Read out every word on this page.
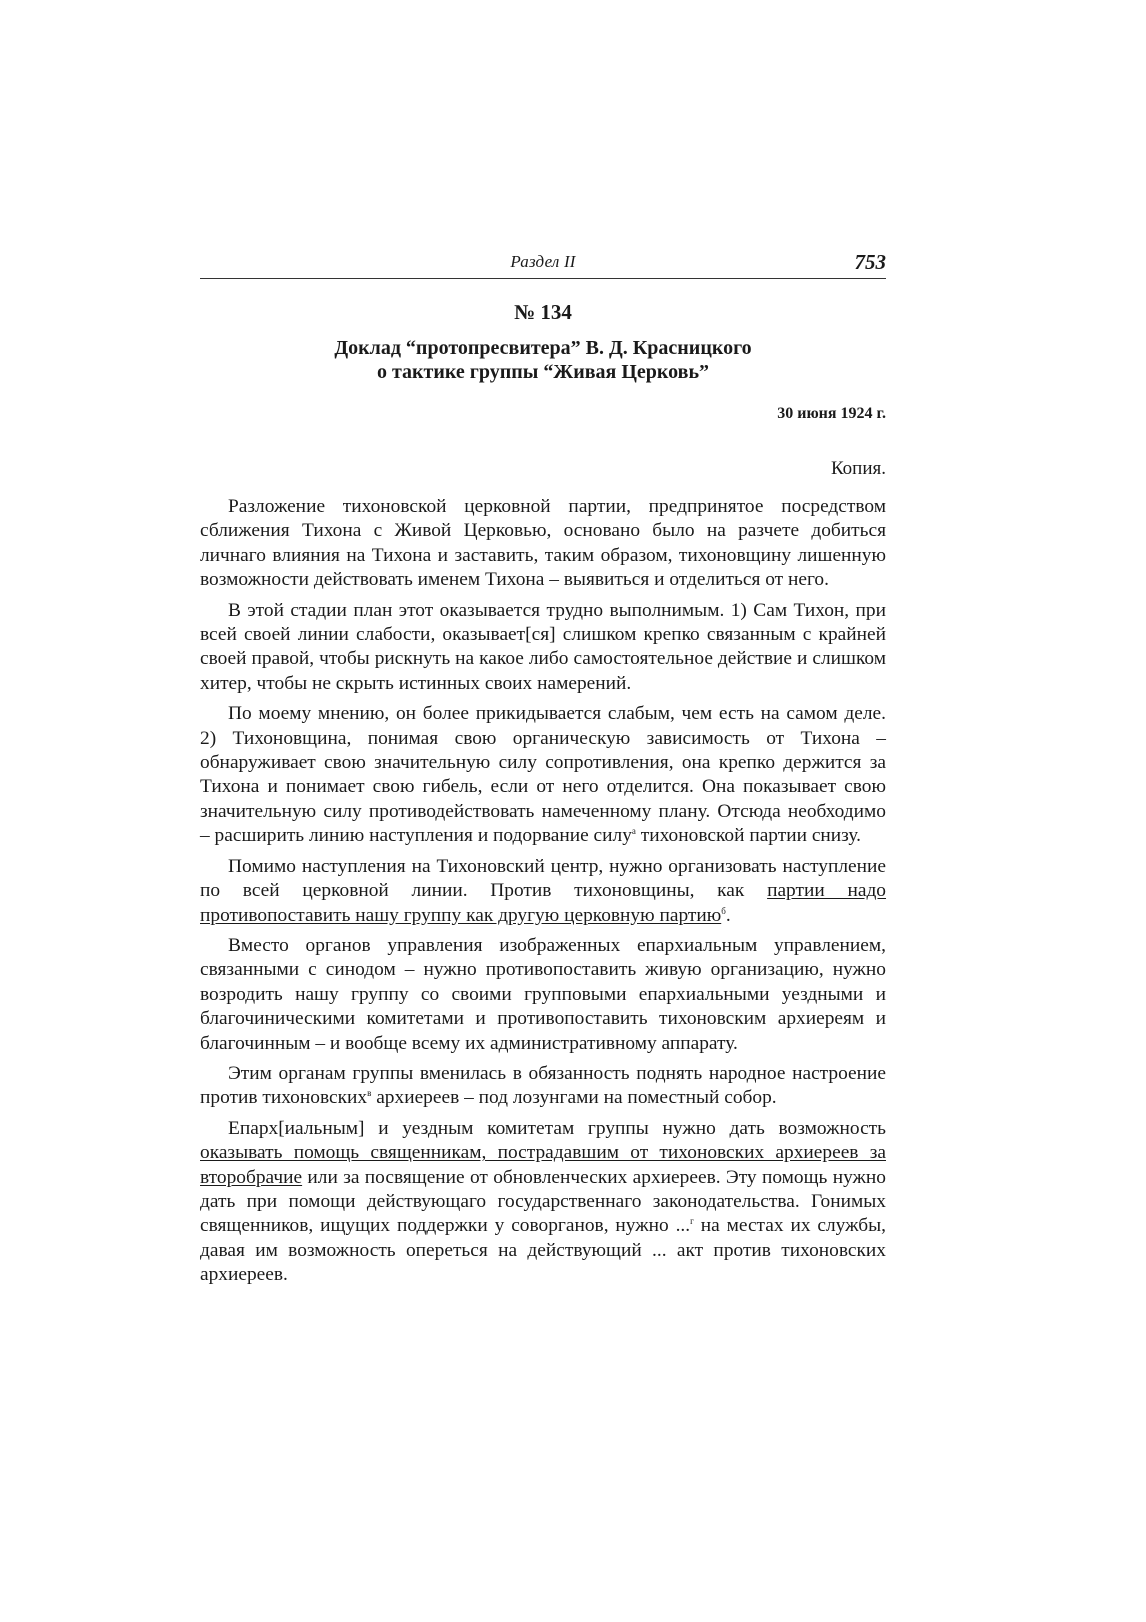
Раздел II	753
№ 134
Доклад “протопресвитера” В. Д. Красницкого
о тактике группы “Живая Церковь”
30 июня 1924 г.
Копия.

Разложение тихоновской церковной партии, предпринятое посредством сближения Тихона с Живой Церковью, основано было на разчете добиться личнаго влияния на Тихона и заставить, таким образом, тихоновщину лишенную возможности действовать именем Тихона – выявиться и отделиться от него.

В этой стадии план этот оказывается трудно выполнимым. 1) Сам Тихон, при всей своей линии слабости, оказывает[ся] слишком крепко связанным с крайней своей правой, чтобы рискнуть на какое либо самостоятельное действие и слишком хитер, чтобы не скрыть истинных своих намерений.

По моему мнению, он более прикидывается слабым, чем есть на самом деле. 2) Тихоновщина, понимая свою органическую зависимость от Тихона – обнаруживает свою значительную силу сопротивления, она крепко держится за Тихона и понимает свою гибель, если от него отделится. Она показывает свою значительную силу противодействовать намеченному плану. Отсюда необходимо – расширить линию наступления и подорвание силу$^а$ тихоновской партии снизу.

Помимо наступления на Тихоновский центр, нужно организовать наступление по всей церковной линии. Против тихоновщины, как партии надо противопоставить нашу группу как другую церковную партию$^б$.

Вместо органов управления изображенных епархиальным управлением, связанными с синодом – нужно противопоставить живую организацию, нужно возродить нашу группу со своими групповыми епархиальными уездными и благочиническими комитетами и противопоставить тихоновским архиереям и благочинным – и вообще всему их административному аппарату.

Этим органам группы вменилась в обязанность поднять народное настроение против тихоновских$^в$ архиереев – под лозунгами на поместный собор.

Епарх[иальным] и уездным комитетам группы нужно дать возможность оказывать помощь священникам, пострадавшим от тихоновских архиереев за второбрачие или за посвящение от обновленческих архиереев. Эту помощь нужно дать при помощи действующаго государственнаго законодательства. Гонимых священников, ищущих поддержки у соворганов, нужно ...$^г$ на местах их службы, давая им возможность опереться на действующий ... акт против тихоновских архиереев.
